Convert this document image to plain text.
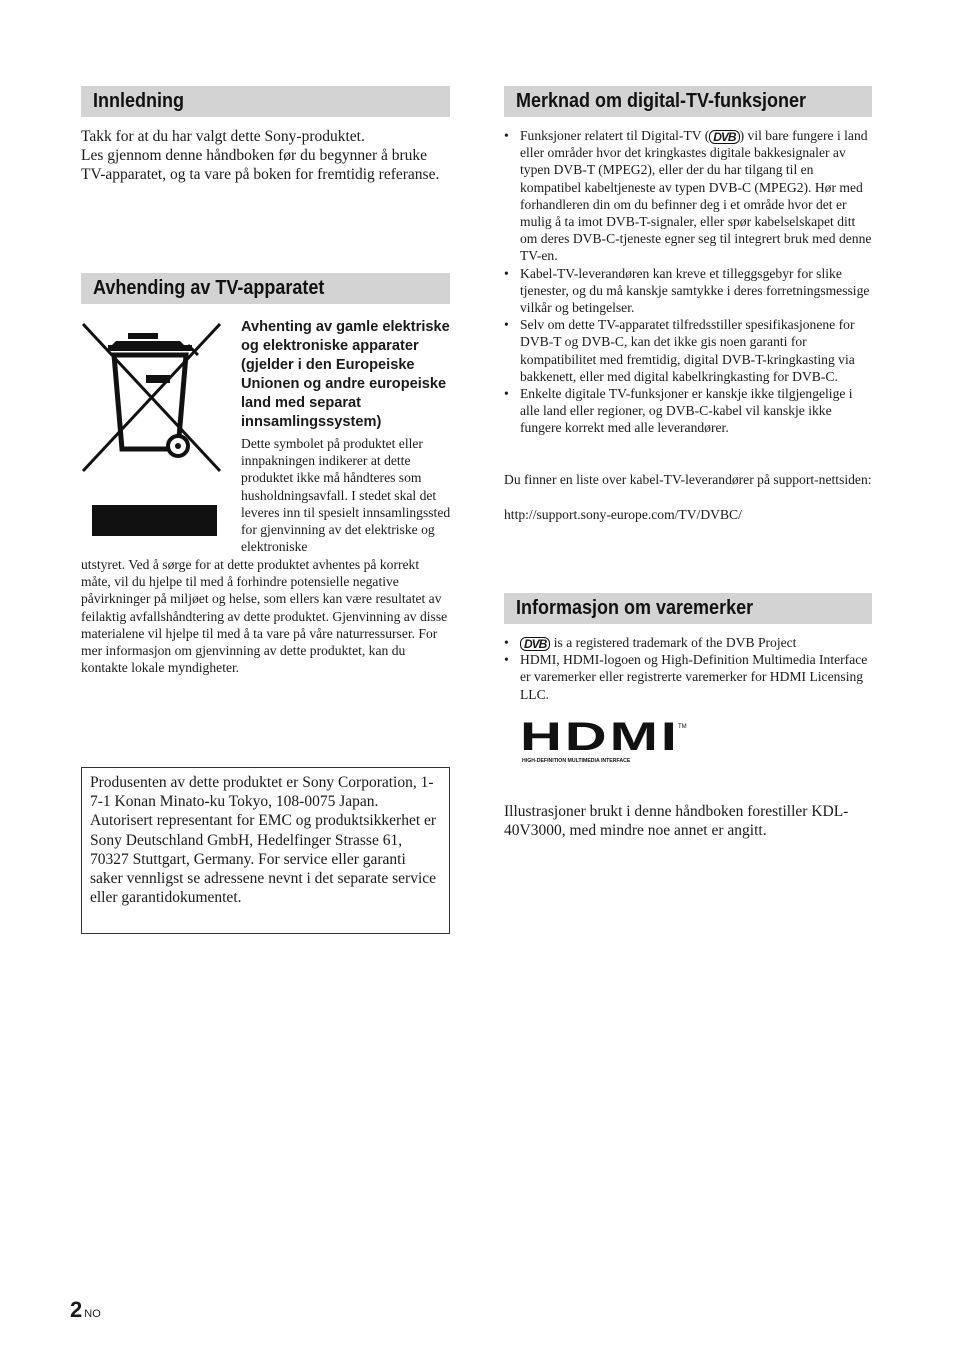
Innledning

Takk for at du har valgt dette Sony-produktet.
Les gjennom denne håndboken før du begynner å bruke TV-apparatet, og ta vare på boken for fremtidig referanse.

Avhending av TV-apparatet
Avhenting av gamle elektriske og elektroniske apparater (gjelder i den Europeiske Unionen og andre europeiske land med separat innsamlingssystem)

Dette symbolet på produktet eller innpakningen indikerer at dette produktet ikke må håndteres som husholdningsavfall. I stedet skal det leveres inn til spesielt innsamlingssted for gjenvinning av det elektriske og elektroniske

utstyret. Ved å sørge for at dette produktet avhentes på korrekt måte, vil du hjelpe til med å forhindre potensielle negative påvirkninger på miljøet og helse, som ellers kan være resultatet av feilaktig avfallshåndtering av dette produktet. Gjenvinning av disse materialene vil hjelpe til med å ta vare på våre naturressurser. For mer informasjon om gjenvinning av dette produktet, kan du kontakte lokale myndigheter.

Produsenten av dette produktet er Sony Corporation, 1-7-1 Konan Minato-ku Tokyo, 108-0075 Japan. Autorisert representant for EMC og produktsikkerhet er Sony Deutschland GmbH, Hedelfinger Strasse 61, 70327 Stuttgart, Germany. For service eller garanti saker vennligst se adressene nevnt i det separate service eller garantidokumentet.
Merknad om digital-TV-funksjoner
• Funksjoner relatert til Digital-TV ( DVB ) vil bare fungere i land eller områder hvor det kringkastes digitale bakkesignaler av typen DVB-T (MPEG2), eller der du har tilgang til en kompatibel kabeltjeneste av typen DVB-C (MPEG2). Hør med forhandleren din om du befinner deg i et område hvor det er mulig å ta imot DVB-T-signaler, eller spør kabelselskapet ditt om deres DVB-C-tjeneste egner seg til integrert bruk med denne TV-en.
• Kabel-TV-leverandøren kan kreve et tilleggsgebyr for slike tjenester, og du må kanskje samtykke i deres forretningsmessige vilkår og betingelser.
• Selv om dette TV-apparatet tilfredsstiller spesifikasjonene for DVB-T og DVB-C, kan det ikke gis noen garanti for kompatibilitet med fremtidig, digital DVB-T-kringkasting via bakkenett, eller med digital kabelkringkasting for DVB-C.
• Enkelte digitale TV-funksjoner er kanskje ikke tilgjengelige i alle land eller regioner, og DVB-C-kabel vil kanskje ikke fungere korrekt med alle leverandører.

Du finner en liste over kabel-TV-leverandører på support-nettsiden:

http://support.sony-europe.com/TV/DVBC/

Informasjon om varemerker
• DVB is a registered trademark of the DVB Project
• HDMI, HDMI-logoen og High-Definition Multimedia Interface er varemerker eller registrerte varemerker for HDMI Licensing LLC.
HDMI
TM
HIGH-DEFINITION MULTIMEDIA INTERFACE

Illustrasjoner brukt i denne håndboken forestiller KDL-40V3000, med mindre noe annet er angitt.

2 NO
